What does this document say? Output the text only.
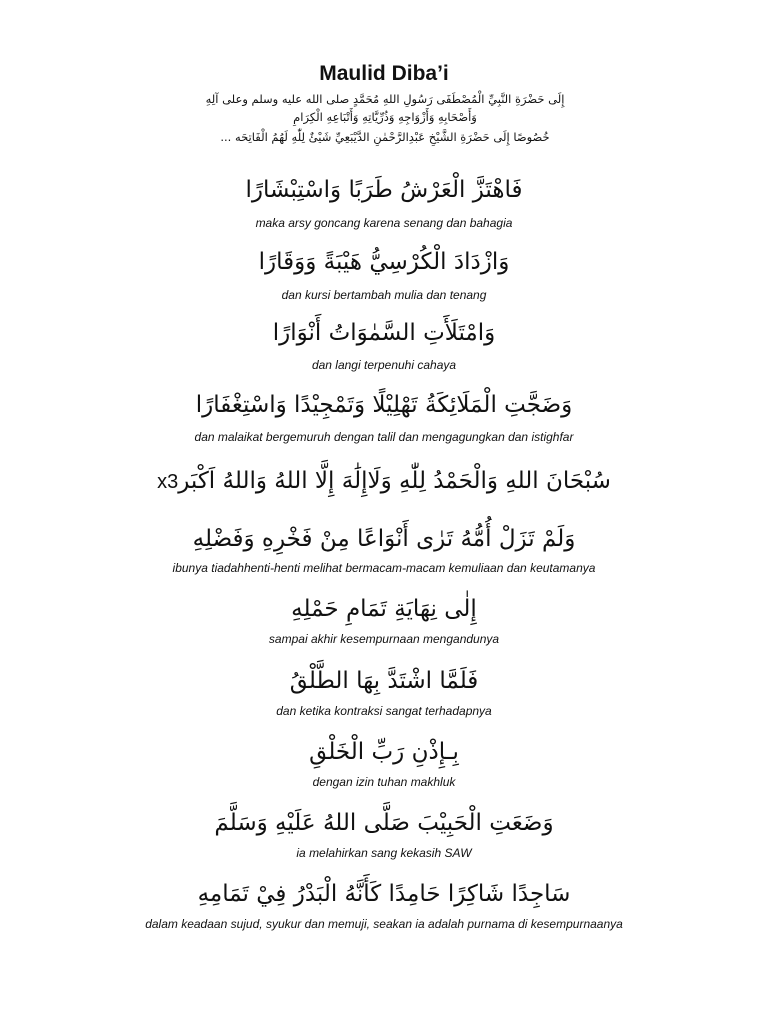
Maulid Diba’i
إِلَى حَضْرَةِ النَّبِيِّ الْمُصْطَفَى رَسُولِ اللهِ مُحَمَّدٍ صلى الله عليه وسلم وعلى آلِهِ
وَأَصْحَابِهِ وَأَزْوَاجِهِ وَذُرِّيَّاتِهِ وَأَتْبَاعِهِ الْكِرَامِ
خُصُوصًا إِلَى حَضْرَةِ الشَّيْخِ عَبْدِالرَّحْمٰنِ الدَّيْبَعِيِّ شَيْئٌ لِلّٰهِ لَهُمُ الْفَاتِحَه ...
فَاهْتَزَّ الْعَرْشُ طَرَبًا وَاسْتِبْشَارًا
maka arsy goncang karena senang dan bahagia
وَازْدَادَ الْكُرْسِيُّ هَيْبَةً وَوَقَارًا
dan kursi bertambah mulia dan tenang
وَامْتَلَأَتِ السَّمٰوَاتُ أَنْوَارًا
dan langi terpenuhi cahaya
وَضَجَّتِ الْمَلَائِكَةُ تَهْلِيْلًا وَتَمْجِيْدًا وَاسْتِغْفَارًا
dan malaikat bergemuruh dengan talil dan mengagungkan dan istighfar
سُبْحَانَ اللهِ وَالْحَمْدُ لِلّٰهِ وَلَاإِلَٰهَ إِلَّا اللهُ وَاللهُ اَكْبَرx3
وَلَمْ تَزَلْ أُمُّهُ تَرٰى أَنْوَاعًا مِنْ فَخْرِهِ وَفَضْلِهِ
ibunya tiadahhenti-henti melihat bermacam-macam kemuliaan dan keutamanya
إِلٰى نِهَايَةِ تَمَامِ حَمْلِهِ
sampai akhir kesempurnaan mengandunya
فَلَمَّا اشْتَدَّ بِهَا الطَّلْقُ
dan ketika kontraksi sangat terhadapnya
بِـإِذْنِ رَبِّ الْخَلْقِ
dengan izin tuhan makhluk
وَضَعَتِ الْحَبِيْبَ صَلَّى اللهُ عَلَيْهِ وَسَلَّمَ
ia melahirkan sang kekasih SAW
سَاجِدًا شَاكِرًا حَامِدًا كَأَنَّهُ الْبَدْرُ فِيْ تَمَامِهِ
dalam keadaan sujud, syukur dan memuji, seakan ia adalah purnama di kesempurnaanya
